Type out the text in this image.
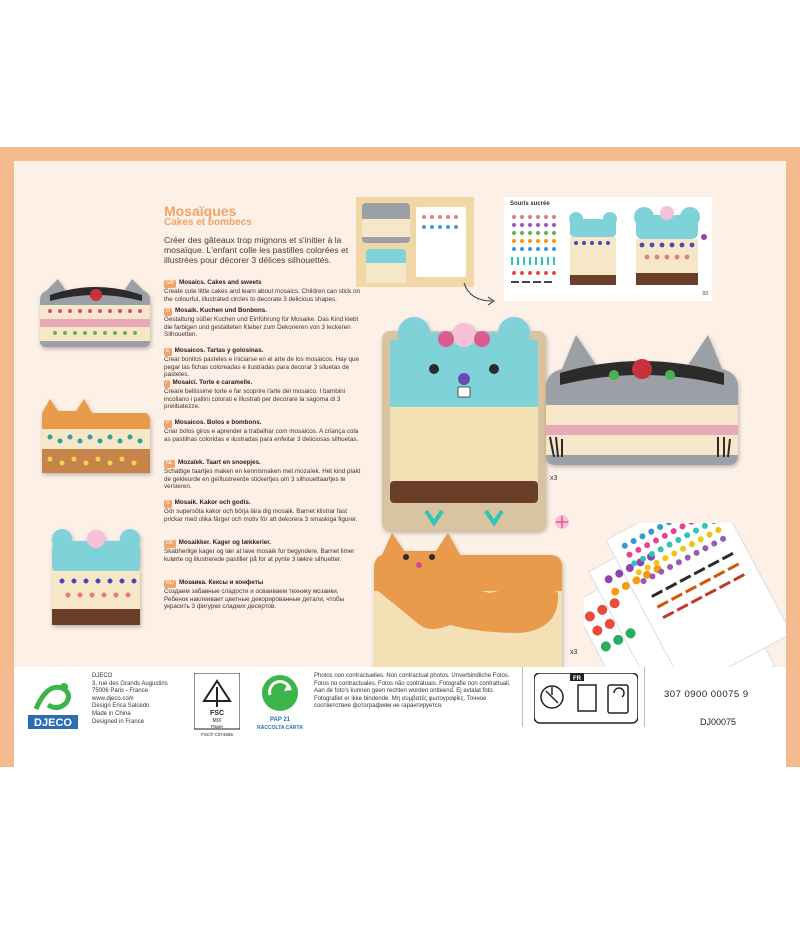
Mosaïques
Cakes et bombecs
Créer des gâteaux trop mignons et s'initier à la mosaïque. L'enfant colle les pastilles colorées et illustrées pour décorer 3 délices silhouettés.
GB Mosaics. Cakes and sweets
Create cute little cakes and learn about mosaics. Children can stick on the colourful, illustrated circles to decorate 3 delicious shapes.
D Mosaik. Kuchen und Bonbons.
Gestaltung süßer Kuchen und Einführung für Mosaike. Das Kind klebt die farbigen und gestalteten Kleber zum Dekorieren von 3 leckeren Silhouetten.
E Mosaicos. Tartas y golosinas.
Crear bonitos pasteles e iniciarse en el arte de los mosaicos. Hay que pegar las fichas coloreadas e ilustradas para decorar 3 siluetas de pasteles.
I Mosaici. Torte e caramelle.
Creare bellissime torte e far scoprire l'arte del mosaico. I bambini incollano i pallini colorati e illustrati per decorare la sagoma di 3 prelibatezze.
P Mosaicos. Bolos e bombons.
Criar bolos giros e aprender a trabalhar com mosaicos. A criança cola as pastilhas coloridas e ilustradas para enfeitar 3 deliciosas silhuetas.
NL Mozaïek. Taart en snoepjes.
Schattige taartjes maken en kennismaken met mozaïek. Het kind plakt de gekleurde en geïllustreerde stickertjes om 3 silhouettaartjes te versieren.
S Mosaik. Kakor och godis.
Gör supersöta kakor och börja lära dig mosaik. Barnet klistrar fast prickar med olika färger och motiv för att dekorera 3 smaskiga figurer.
DK Mosaikker. Kager og lækkerier.
Skabherlige kager og lær at lave mosaik for begyndere. Barnet limer kulørte og illustrerede pastiller på for at pynte 3 lækre silhuetter.
RU Мозаика. Кексы и конфеты
Создаем забавные сладости и осваиваем технику мозаики. Ребенок наклеивает цветные декорированные детали, чтобы украсить 3 фигурки сладких десертов.
Souris sucrée
03
x3
x3
DJECO
DJECO
3, rue des Grands Augustins
75006 Paris - France
www.djeco.com
Design Erica Salcedo
Made in China
Designed in France
FSC
MIX
Paper
FSC® C074665
PAP 21
RACCOLTA CARTA
Photos non contractuelles. Non contractual photos. Unverbindliche Fotos. Fotos no contractuales. Fotos não contratuais. Fotografie non contrattuali. Aan de foto's kunnen geen rechten worden ontleend. Ej avtalat foto. Fotografiet er ikke bindende. Μη συμβατές φωτογραφίες. Точное соответствие фотографиям не гарантируется.
FR
307 0900 00075 9
DJ00075
